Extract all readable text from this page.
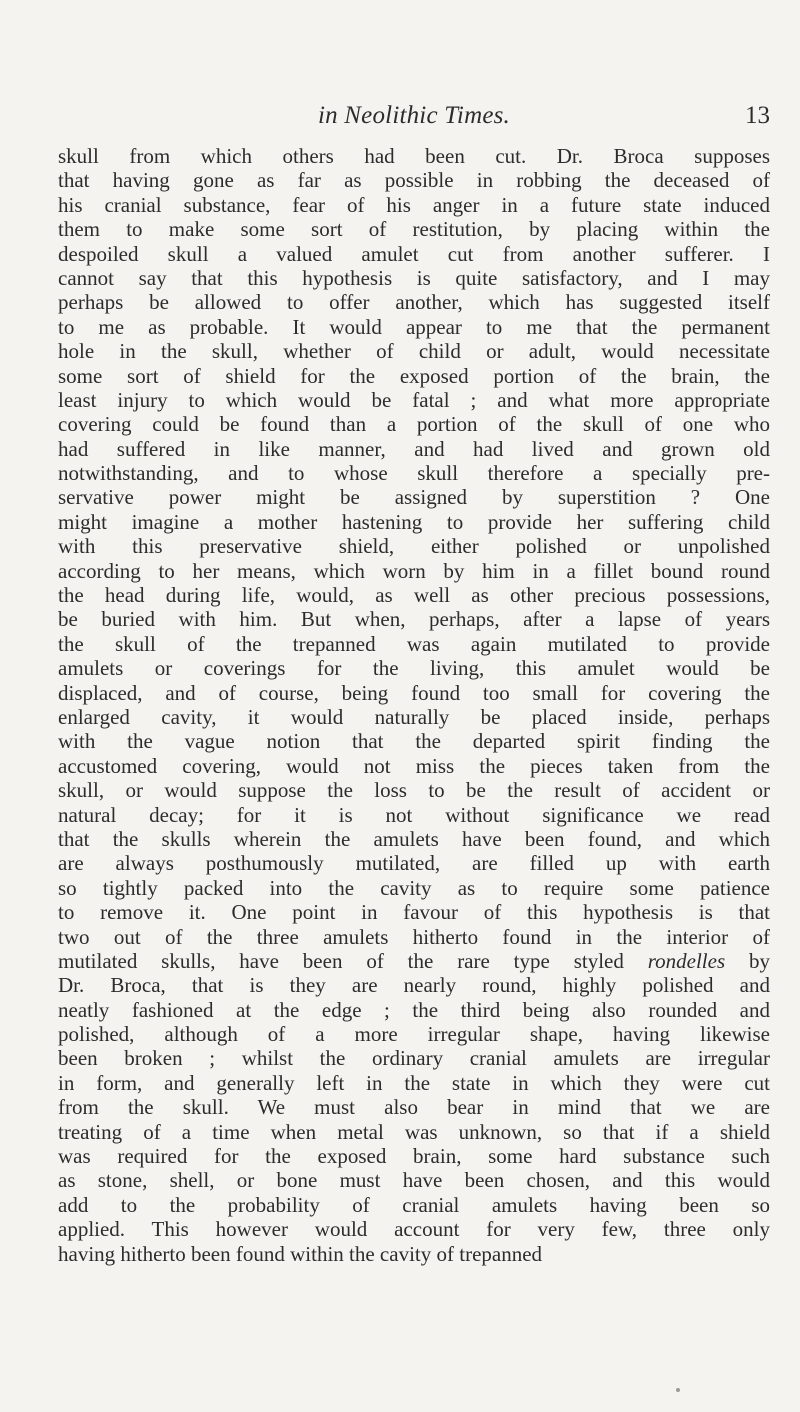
in Neolithic Times.	13
skull from which others had been cut. Dr. Broca supposes
that having gone as far as possible in robbing the deceased of
his cranial substance, fear of his anger in a future state induced
them to make some sort of restitution, by placing within the
despoiled skull a valued amulet cut from another sufferer. I
cannot say that this hypothesis is quite satisfactory, and I may
perhaps be allowed to offer another, which has suggested itself
to me as probable. It would appear to me that the permanent
hole in the skull, whether of child or adult, would necessitate
some sort of shield for the exposed portion of the brain, the
least injury to which would be fatal ; and what more appropriate
covering could be found than a portion of the skull of one who
had suffered in like manner, and had lived and grown old
notwithstanding, and to whose skull therefore a specially pre-
servative power might be assigned by superstition ? One
might imagine a mother hastening to provide her suffering child
with this preservative shield, either polished or unpolished
according to her means, which worn by him in a fillet bound round
the head during life, would, as well as other precious possessions,
be buried with him. But when, perhaps, after a lapse of years
the skull of the trepanned was again mutilated to provide
amulets or coverings for the living, this amulet would be
displaced, and of course, being found too small for covering the
enlarged cavity, it would naturally be placed inside, perhaps
with the vague notion that the departed spirit finding the
accustomed covering, would not miss the pieces taken from the
skull, or would suppose the loss to be the result of accident or
natural decay; for it is not without significance we read
that the skulls wherein the amulets have been found, and which
are always posthumously mutilated, are filled up with earth
so tightly packed into the cavity as to require some patience
to remove it. One point in favour of this hypothesis is that
two out of the three amulets hitherto found in the interior of
mutilated skulls, have been of the rare type styled rondelles by
Dr. Broca, that is they are nearly round, highly polished and
neatly fashioned at the edge ; the third being also rounded and
polished, although of a more irregular shape, having likewise
been broken ; whilst the ordinary cranial amulets are irregular
in form, and generally left in the state in which they were cut
from the skull. We must also bear in mind that we are
treating of a time when metal was unknown, so that if a shield
was required for the exposed brain, some hard substance such
as stone, shell, or bone must have been chosen, and this would
add to the probability of cranial amulets having been so
applied. This however would account for very few, three only
having hitherto been found within the cavity of trepanned
